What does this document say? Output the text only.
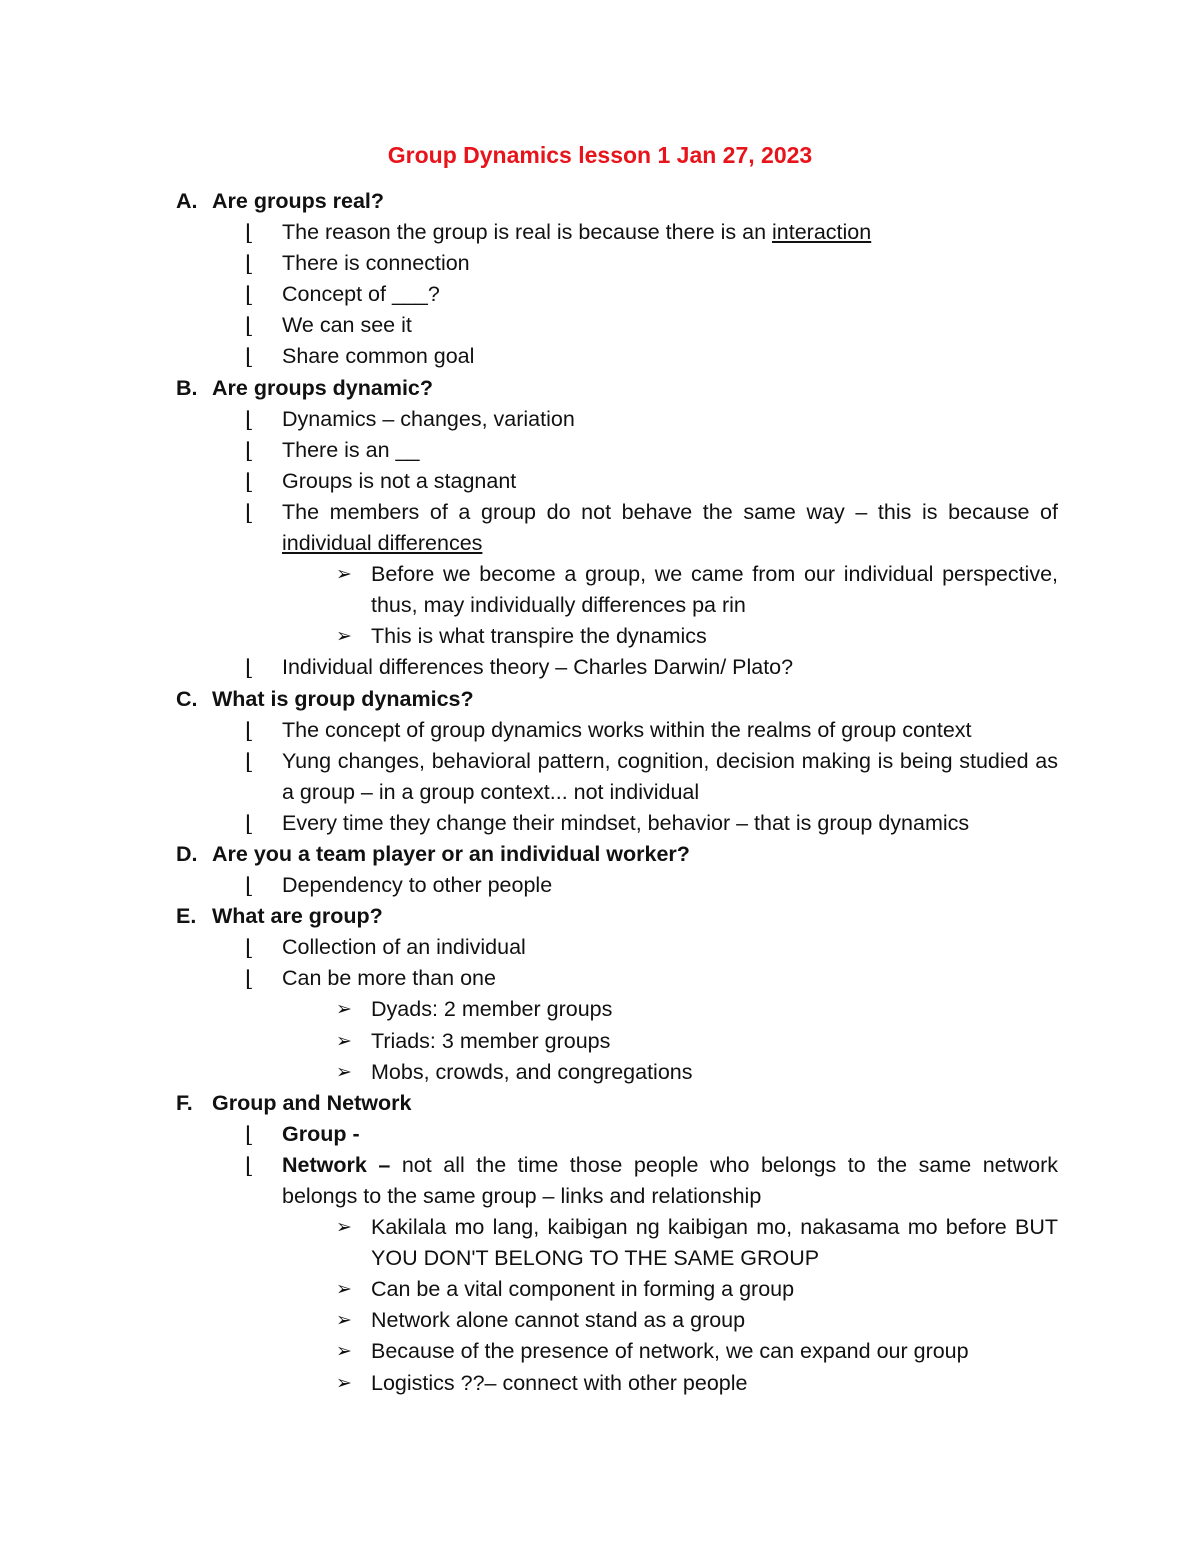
Group Dynamics lesson 1 Jan 27, 2023
A. Are groups real?
⌊ The reason the group is real is because there is an interaction
⌊ There is connection
⌊ Concept of ___?
⌊ We can see it
⌊ Share common goal
B. Are groups dynamic?
⌊ Dynamics – changes, variation
⌊ There is an __
⌊ Groups is not a stagnant
⌊ The members of a group do not behave the same way – this is because of individual differences
➢ Before we become a group, we came from our individual perspective, thus, may individually differences pa rin
➢ This is what transpire the dynamics
⌊ Individual differences theory – Charles Darwin/ Plato?
C. What is group dynamics?
⌊ The concept of group dynamics works within the realms of group context
⌊ Yung changes, behavioral pattern, cognition, decision making is being studied as a group – in a group context... not individual
⌊ Every time they change their mindset, behavior – that is group dynamics
D. Are you a team player or an individual worker?
⌊ Dependency to other people
E. What are group?
⌊ Collection of an individual
⌊ Can be more than one
➢ Dyads: 2 member groups
➢ Triads: 3 member groups
➢ Mobs, crowds, and congregations
F. Group and Network
⌊ Group -
⌊ Network – not all the time those people who belongs to the same network belongs to the same group – links and relationship
➢ Kakilala mo lang, kaibigan ng kaibigan mo, nakasama mo before BUT YOU DON'T BELONG TO THE SAME GROUP
➢ Can be a vital component in forming a group
➢ Network alone cannot stand as a group
➢ Because of the presence of network, we can expand our group
➢ Logistics ??– connect with other people
